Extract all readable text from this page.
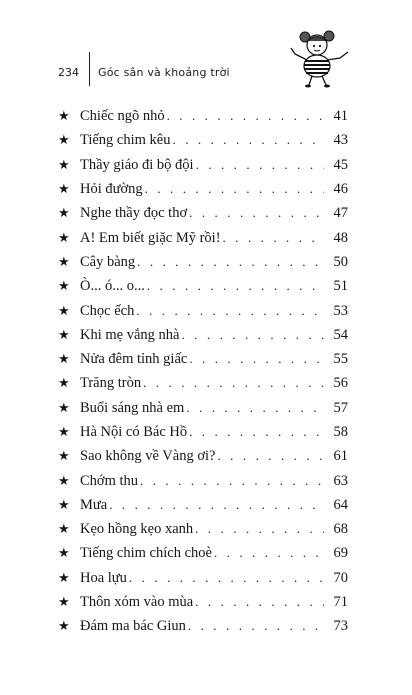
234 Góc sân và khoảng trời
★ Chiếc ngõ nhỏ . . .	41
★ Tiếng chim kêu . . .	43
★ Thầy giáo đi bộ đội . . .	45
★ Hỏi đường . . .	46
★ Nghe thầy đọc thơ . . .	47
★ A! Em biết giặc Mỹ rồi! . . .	48
★ Cây bàng . . .	50
★ Ò... ó... o... . . .	51
★ Chọc ếch . . .	53
★ Khi mẹ vắng nhà . . .	54
★ Nửa đêm tỉnh giấc . . .	55
★ Trăng tròn . . .	56
★ Buổi sáng nhà em . . .	57
★ Hà Nội có Bác Hồ . . .	58
★ Sao không về Vàng ơi? . . .	61
★ Chớm thu . . .	63
★ Mưa . . .	64
★ Kẹo hồng kẹo xanh . . .	68
★ Tiếng chim chích choè . . .	69
★ Hoa lựu . . .	70
★ Thôn xóm vào mùa . . .	71
★ Đám ma bác Giun . . .	73
